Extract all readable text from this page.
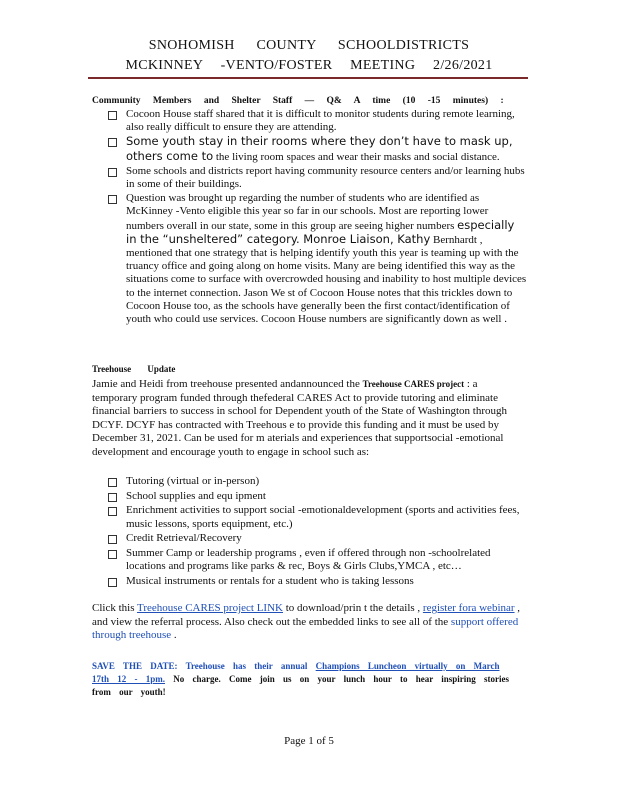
SNOHOMISH COUNTY SCHOOLDISTRICTS
MCKINNEY -VENTO/FOSTER MEETING 2/26/2021
Community Members and Shelter Staff — Q& A time (10 -15 minutes) :
Cocoon House staff shared that it is difficult to monitor students during remote learning, also really difficult to ensure they are attending.
Some youth stay in their rooms where they don’t have to mask up, others come to the living room spaces and wear their masks and social distance.
Some schools and districts report having community resource centers and/or learning hubs in some of their buildings.
Question was brought up regarding the number of students who are identified as McKinney -Vento eligible this year so far in our schools. Most are reporting lower numbers overall in our state, some in this group are seeing higher numbers especially in the “unsheltered” category. Monroe Liaison, Kathy Bernhardt , mentioned that one strategy that is helping identify youth this year is teaming up with the truancy office and going along on home visits. Many are being identified this way as the situations come to surface with overcrowded housing and inability to host multiple devices to the internet connection. Jason We st of Cocoon House notes that this trickles down to Cocoon House too, as the schools have generally been the first contact/identification of youth who could use services. Cocoon House numbers are significantly down as well .
Treehouse Update
Jamie and Heidi from treehouse presented andannounced the Treehouse CARES project : a temporary program funded through thefederal CARES Act to provide tutoring and eliminate financial barriers to success in school for Dependent youth of the State of Washington through DCYF. DCYF has contracted with Treehous e to provide this funding and it must be used by December 31, 2021. Can be used for m aterials and experiences that supportsocial -emotional development and encourage youth to engage in school such as:
Tutoring (virtual or in-person)
School supplies and equ ipment
Enrichment activities to support social -emotionaldevelopment (sports and activities fees, music lessons, sports equipment, etc.)
Credit Retrieval/Recovery
Summer Camp or leadership programs , even if offered through non -schoolrelated locations and programs like parks & rec, Boys & Girls Clubs,YMCA , etc…
Musical instruments or rentals for a student who is taking lessons
Click this Treehouse CARES project LINK to download/prin t the details , register fora webinar , and view the referral process. Also check out the embedded links to see all of the support offered through treehouse .
SAVE THE DATE: Treehouse has their annual Champions Luncheon virtually on March 17th 12 - 1pm. No charge. Come join us on your lunch hour to hear inspiring stories from our youth!
Page 1 of 5
